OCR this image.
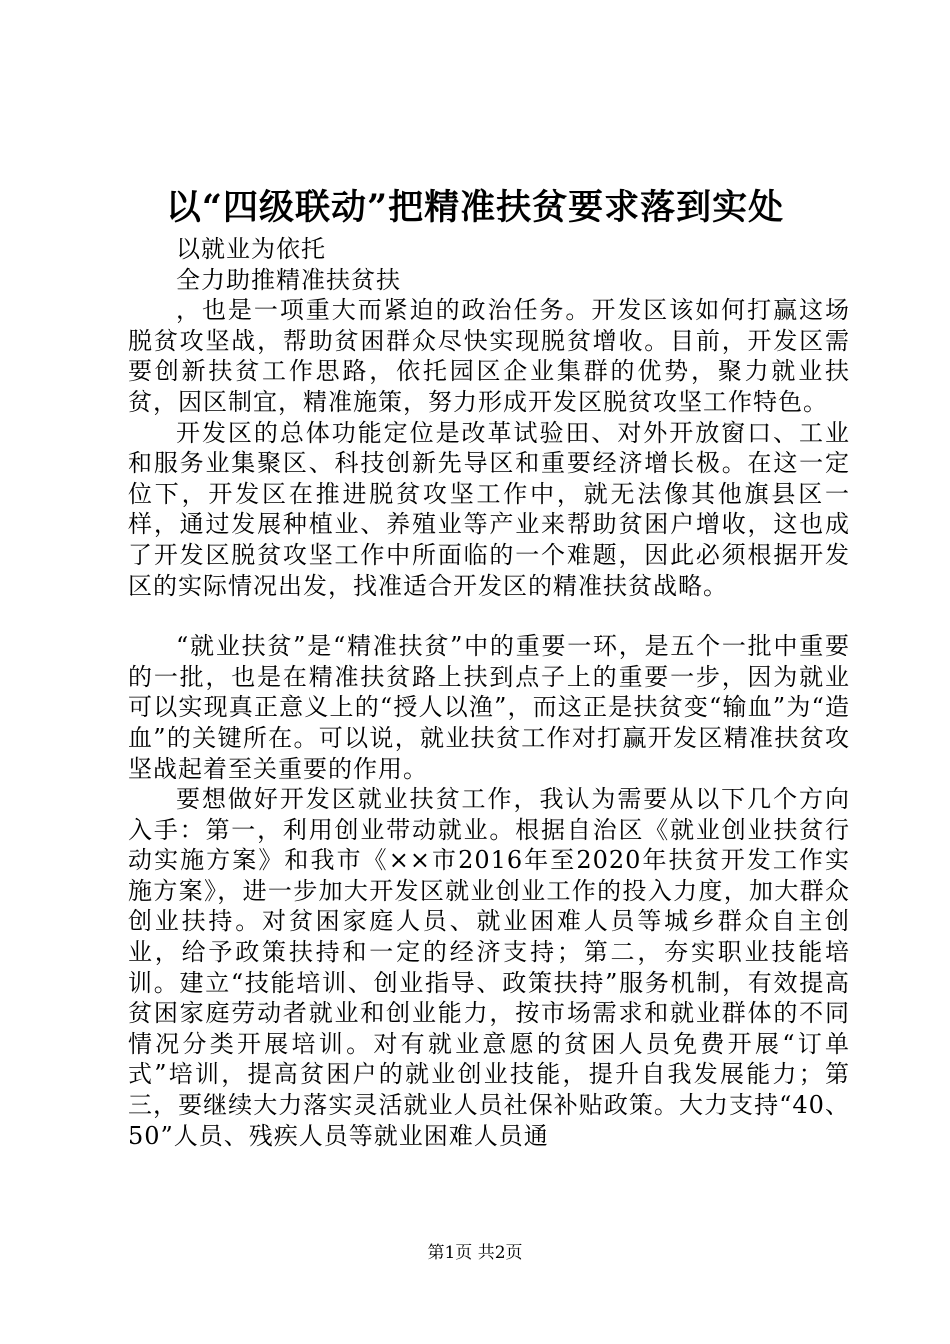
以“四级联动”把精准扶贫要求落到实处

以就业为依托

全力助推精准扶贫扶

，也是一项重大而紧迫的政治任务。开发区该如何打赢这场脱贫攻坚战，帮助贫困群众尽快实现脱贫增收。目前，开发区需要创新扶贫工作思路，依托园区企业集群的优势，聚力就业扶贫，因区制宜，精准施策，努力形成开发区脱贫攻坚工作特色。

开发区的总体功能定位是改革试验田、对外开放窗口、工业和服务业集聚区、科技创新先导区和重要经济增长极。在这一定位下，开发区在推进脱贫攻坚工作中，就无法像其他旗县区一样，通过发展种植业、养殖业等产业来帮助贫困户增收，这也成了开发区脱贫攻坚工作中所面临的一个难题，因此必须根据开发区的实际情况出发，找准适合开发区的精准扶贫战略。

“就业扶贫”是“精准扶贫”中的重要一环，是五个一批中重要的一批，也是在精准扶贫路上扶到点子上的重要一步，因为就业可以实现真正意义上的“授人以渔”，而这正是扶贫变“输血”为“造血”的关键所在。可以说，就业扶贫工作对打赢开发区精准扶贫攻坚战起着至关重要的作用。

要想做好开发区就业扶贫工作，我认为需要从以下几个方向入手：第一，利用创业带动就业。根据自治区《就业创业扶贫行动实施方案》和我市《××市2016年至2020年扶贫开发工作实施方案》，进一步加大开发区就业创业工作的投入力度，加大群众创业扶持。对贫困家庭人员、就业困难人员等城乡群众自主创业，给予政策扶持和一定的经济支持；第二，夯实职业技能培训。建立“技能培训、创业指导、政策扶持”服务机制，有效提高贫困家庭劳动者就业和创业能力，按市场需求和就业群体的不同情况分类开展培训。对有就业意愿的贫困人员免费开展“订单式”培训，提高贫困户的就业创业技能，提升自我发展能力；第三，要继续大力落实灵活就业人员社保补贴政策。大力支持“40、50”人员、残疾人员等就业困难人员通

第1页 共2页
